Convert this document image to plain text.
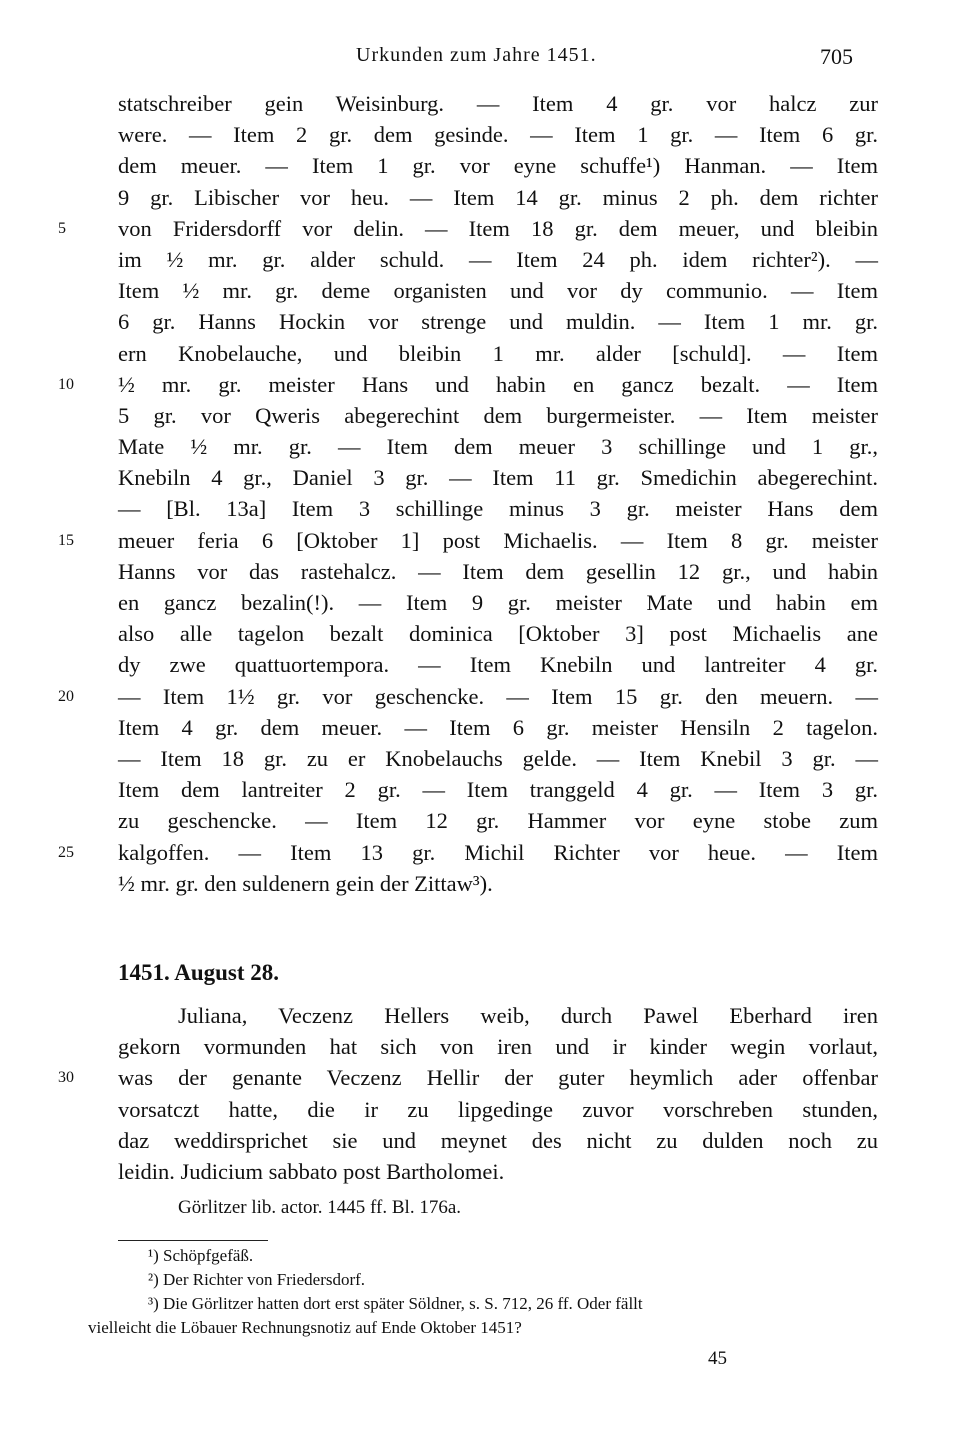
Urkunden zum Jahre 1451.	705
statschreiber gein Weisinburg. — Item 4 gr. vor halcz zur
were. — Item 2 gr. dem gesinde. — Item 1 gr. — Item 6 gr.
dem meuer. — Item 1 gr. vor eyne schuffe¹) Hanman. — Item
9 gr. Libischer vor heu. — Item 14 gr. minus 2 ph. dem richter
5	von Fridersdorff vor delin. — Item 18 gr. dem meuer, und bleibin
im ½ mr. gr. alder schuld. — Item 24 ph. idem richter²). —
Item ½ mr. gr. deme organisten und vor dy communio. — Item
6 gr. Hanns Hockin vor strenge und muldin. — Item 1 mr. gr.
ern Knobelauche, und bleibin 1 mr. alder [schuld]. — Item
10 ½ mr. gr. meister Hans und habin en gancz bezalt. — Item
5 gr. vor Qweris abegerechint dem burgermeister. — Item meister
Mate ½ mr. gr. — Item dem meuer 3 schillinge und 1 gr.,
Knebiln 4 gr., Daniel 3 gr. — Item 11 gr. Smedichin abegerechint.
— [Bl. 13a] Item 3 schillinge minus 3 gr. meister Hans dem
15 meuer feria 6 [Oktober 1] post Michaelis. — Item 8 gr. meister
Hanns vor das rastehalcz. — Item dem gesellin 12 gr., und habin
en gancz bezalin(!). — Item 9 gr. meister Mate und habin em
also alle tagelon bezalt dominica [Oktober 3] post Michaelis ane
dy zwe quattuortempora. — Item Knebiln und lantreiter 4 gr.
20 — Item 1½ gr. vor geschencke. — Item 15 gr. den meuern. —
Item 4 gr. dem meuer. — Item 6 gr. meister Hensiln 2 tagelon.
— Item 18 gr. zu er Knobelauchs gelde. — Item Knebil 3 gr. —
Item dem lantreiter 2 gr. — Item tranggeld 4 gr. — Item 3 gr.
zu geschencke. — Item 12 gr. Hammer vor eyne stobe zum
25 kalgoffen. — Item 13 gr. Michil Richter vor heue. — Item
½ mr. gr. den suldenern gein der Zittaw³).
1451. August 28.
Juliana, Veczenz Hellers weib, durch Pawel Eberhard iren
gekorn vormunden hat sich von iren und ir kinder wegin vorlaut,
30 was der genante Veczenz Hellir der guter heymlich ader offenbar
vorsatczt hatte, die ir zu lipgedinge zuvor vorschreben stunden,
daz weddirsprichet sie und meynet des nicht zu dulden noch zu
leidin. Judicium sabbato post Bartholomei.
Görlitzer lib. actor. 1445 ff. Bl. 176a.
¹) Schöpfgefäß.
²) Der Richter von Friedersdorf.
³) Die Görlitzer hatten dort erst später Söldner, s. S. 712, 26 ff. Oder fällt
vielleicht die Löbauer Rechnungsnotiz auf Ende Oktober 1451?
45
